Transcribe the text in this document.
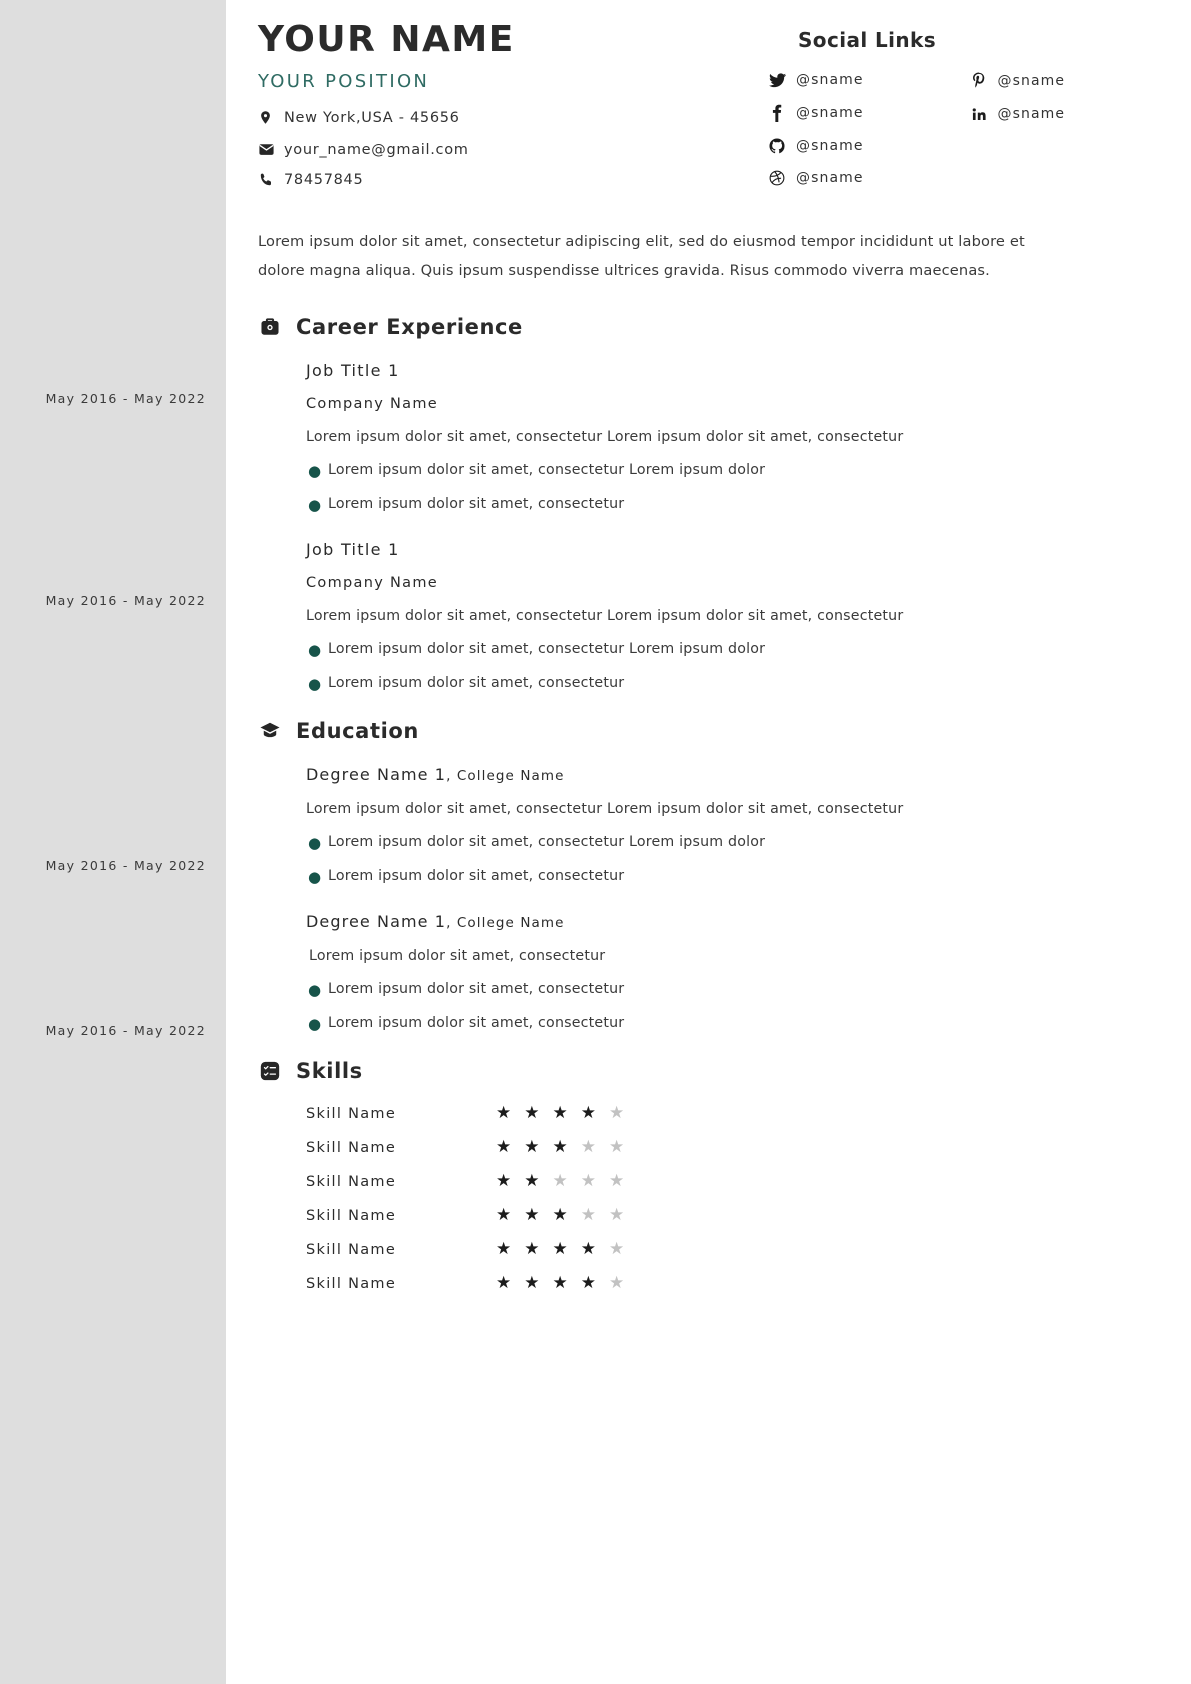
May 2016 - May 2022
May 2016 - May 2022
May 2016 - May 2022
May 2016 - May 2022
YOUR NAME
YOUR POSITION
New York,USA - 45656
your_name@gmail.com
78457845
Social Links
@sname
@sname
@sname
@sname
@sname
@sname

Lorem ipsum dolor sit amet, consectetur adipiscing elit, sed do eiusmod tempor incididunt ut labore et dolore magna aliqua. Quis ipsum suspendisse ultrices gravida. Risus commodo viverra maecenas.

Career Experience
Job Title 1
Company Name
Lorem ipsum dolor sit amet, consectetur Lorem ipsum dolor sit amet, consectetur
● Lorem ipsum dolor sit amet, consectetur Lorem ipsum dolor
● Lorem ipsum dolor sit amet, consectetur
Job Title 1
Company Name
Lorem ipsum dolor sit amet, consectetur Lorem ipsum dolor sit amet, consectetur
● Lorem ipsum dolor sit amet, consectetur Lorem ipsum dolor
● Lorem ipsum dolor sit amet, consectetur
Education
Degree Name 1, College Name
Lorem ipsum dolor sit amet, consectetur Lorem ipsum dolor sit amet, consectetur
● Lorem ipsum dolor sit amet, consectetur Lorem ipsum dolor
● Lorem ipsum dolor sit amet, consectetur
Degree Name 1, College Name
Lorem ipsum dolor sit amet, consectetur
● Lorem ipsum dolor sit amet, consectetur
● Lorem ipsum dolor sit amet, consectetur
Skills
Skill Name	★ ★ ★ ★ ★
Skill Name	★ ★ ★ ★ ★
Skill Name	★ ★ ★ ★ ★
Skill Name	★ ★ ★ ★ ★
Skill Name	★ ★ ★ ★ ★
Skill Name	★ ★ ★ ★ ★
